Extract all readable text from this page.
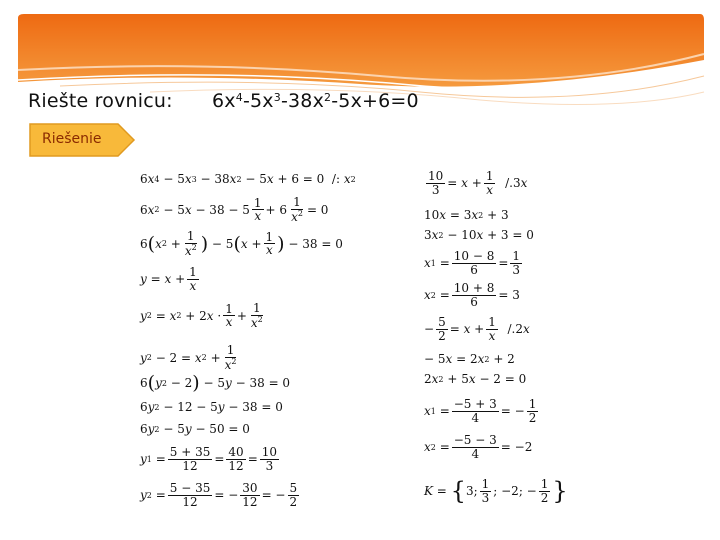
Riešte rovnicu: $6x^4-5x^3-38x^2-5x+6=0$
Riešenie
6 x 4 − 5 x 3 − 38 x 2 − 5 x + 6 = 0  /: x 2
6 x 2 − 5 x − 38 − 5
1
x + 6
1
$x^2 = 0$
6 ( x 2 +
1
$x^2$ ) − 5 ( x +
1
x ) − 38 = 0
y = x +
1
x
y 2 = x 2 + 2 x ·
1
x +
1
$x^2$
y 2 − 2 = x 2 +
1
$x^2$
6 ( y 2 − 2 ) − 5 y − 38 = 0
6 y 2 − 12 − 5 y − 38 = 0
6 y 2 − 5 y − 50 = 0
y 1 =
5 + 35
12 =
40
12 =
10
3
y 2 =
5 − 35
12 = −
30
12 = −
5
2
10
3 = x +
1
x /.3 x
10 x = 3 x 2 + 3
3 x 2 − 10 x + 3 = 0
x 1 =
10 − 8
6 =
1
3
x 2 =
10 + 8
6 = 3
−
5
2 = x +
1
x /.2 x
− 5 x = 2 x 2 + 2
2 x 2 + 5 x − 2 = 0
x 1 =
−5 + 3
4 = −
1
2
x 2 =
−5 − 3
4 = −2
K = { 3;
1
3 ; −2; −
1
2 }
